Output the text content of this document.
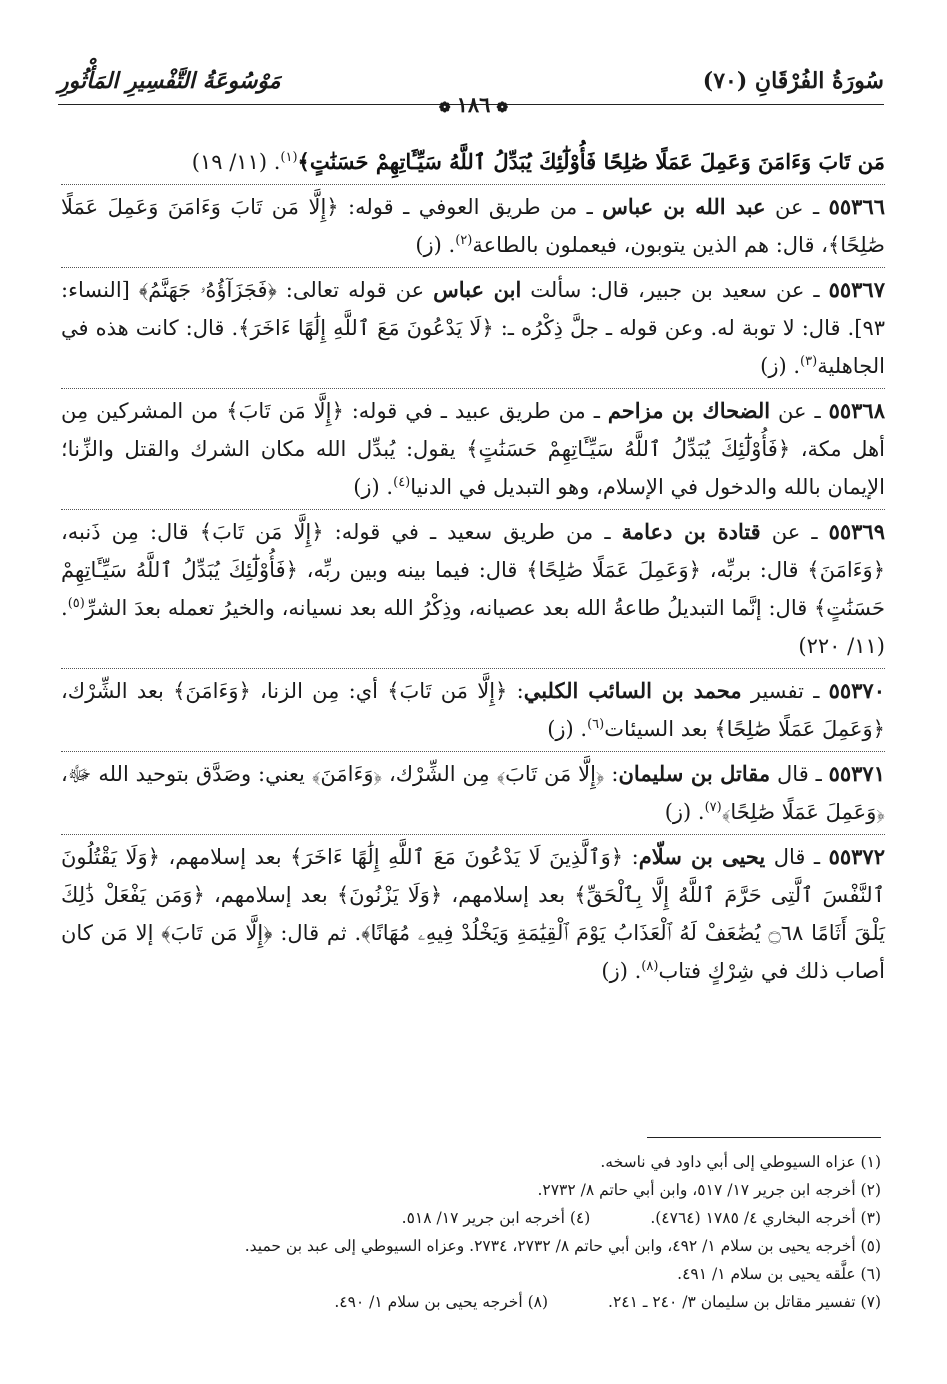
سُورَةُ الفُرْقَانِ (٧٠)
مَوْسُوعَةُ التَّفْسِيرِ المَأْثُورِ
❁١٨٦❁

مَن تَابَ وَءَامَنَ وَعَمِلَ عَمَلًا صَٰلِحًا فَأُوْلَٰٓئِكَ يُبَدِّلُ ٱللَّهُ سَيِّـَٔاتِهِمْ حَسَنَٰتٍ﴾$^{(١)}$. (١١/ ١٩)

٥٥٣٦٦ ـ عن عبد الله بن عباس ـ من طريق العوفي ـ قوله: ﴿إِلَّا مَن تَابَ وَءَامَنَ وَعَمِلَ عَمَلًا صَٰلِحًا﴾، قال: هم الذين يتوبون، فيعملون بالطاعة$^{(٢)}$. (ز)

٥٥٣٦٧ ـ عن سعيد بن جبير، قال: سألت ابن عباس عن قوله تعالى: ﴿فَجَزَآؤُهُۥ جَهَنَّمُ﴾ [النساء: ٩٣]. قال: لا توبة له. وعن قوله ـ جلَّ ذِكْرُه ـ: ﴿لَا يَدْعُونَ مَعَ ٱللَّهِ إِلَٰهًا ءَاخَرَ﴾. قال: كانت هذه في الجاهلية$^{(٣)}$. (ز)

٥٥٣٦٨ ـ عن الضحاك بن مزاحم ـ من طريق عبيد ـ في قوله: ﴿إِلَّا مَن تَابَ﴾ من المشركين مِن أهل مكة، ﴿فَأُوْلَٰٓئِكَ يُبَدِّلُ ٱللَّهُ سَيِّـَٔاتِهِمْ حَسَنَٰتٍ﴾ يقول: يُبدِّل الله مكان الشرك والقتل والزِّنا؛ الإيمان بالله والدخول في الإسلام، وهو التبديل في الدنيا$^{(٤)}$. (ز)

٥٥٣٦٩ ـ عن قتادة بن دعامة ـ من طريق سعيد ـ في قوله: ﴿إِلَّا مَن تَابَ﴾ قال: مِن ذَنبه، ﴿وَءَامَنَ﴾ قال: بربِّه، ﴿وَعَمِلَ عَمَلًا صَٰلِحًا﴾ قال: فيما بينه وبين ربِّه، ﴿فَأُوْلَٰٓئِكَ يُبَدِّلُ ٱللَّهُ سَيِّـَٔاتِهِمْ حَسَنَٰتٍ﴾ قال: إنَّما التبديلُ طاعةُ الله بعد عصيانه، وذِكْرُ الله بعد نسيانه، والخيرُ تعمله بعدَ الشرِّ$^{(٥)}$. (١١/ ٢٢٠)

٥٥٣٧٠ ـ تفسير محمد بن السائب الكلبي: ﴿إِلَّا مَن تَابَ﴾ أي: مِن الزنا، ﴿وَءَامَنَ﴾ بعد الشِّرْك، ﴿وَعَمِلَ عَمَلًا صَٰلِحًا﴾ بعد السيئات$^{(٦)}$. (ز)

٥٥٣٧١ ـ قال مقاتل بن سليمان: ﴿إِلَّا مَن تَابَ﴾ مِن الشِّرْك، ﴿وَءَامَنَ﴾ يعني: وصَدَّق بتوحيد الله ﷻ، ﴿وَعَمِلَ عَمَلًا صَٰلِحًا﴾$^{(٧)}$. (ز)

٥٥٣٧٢ ـ قال يحيى بن سلّام: ﴿وَٱلَّذِينَ لَا يَدْعُونَ مَعَ ٱللَّهِ إِلَٰهًا ءَاخَرَ﴾ بعد إسلامهم، ﴿وَلَا يَقْتُلُونَ ٱلنَّفْسَ ٱلَّتِى حَرَّمَ ٱللَّهُ إِلَّا بِٱلْحَقِّ﴾ بعد إسلامهم، ﴿وَلَا يَزْنُونَ﴾ بعد إسلامهم، ﴿وَمَن يَفْعَلْ ذَٰلِكَ يَلْقَ أَثَامًا ۝٦٨ يُضَٰعَفْ لَهُ ٱلْعَذَابُ يَوْمَ ٱلْقِيَٰمَةِ وَيَخْلُدْ فِيهِۦ مُهَانًا﴾. ثم قال: ﴿إِلَّا مَن تَابَ﴾ إلا مَن كان أصاب ذلك في شِرْكٍ فتاب$^{(٨)}$. (ز)

(١) عزاه السيوطي إلى أبي داود في ناسخه.
(٢) أخرجه ابن جرير ١٧/ ٥١٧، وابن أبي حاتم ٨/ ٢٧٣٢.
(٣) أخرجه البخاري ٤/ ١٧٨٥ (٤٧٦٤).
(٤) أخرجه ابن جرير ١٧/ ٥١٨.
(٥) أخرجه يحيى بن سلام ١/ ٤٩٢، وابن أبي حاتم ٨/ ٢٧٣٢، ٢٧٣٤. وعزاه السيوطي إلى عبد بن حميد.
(٦) علَّقه يحيى بن سلام ١/ ٤٩١.
(٧) تفسير مقاتل بن سليمان ٣/ ٢٤٠ ـ ٢٤١.
(٨) أخرجه يحيى بن سلام ١/ ٤٩٠.
